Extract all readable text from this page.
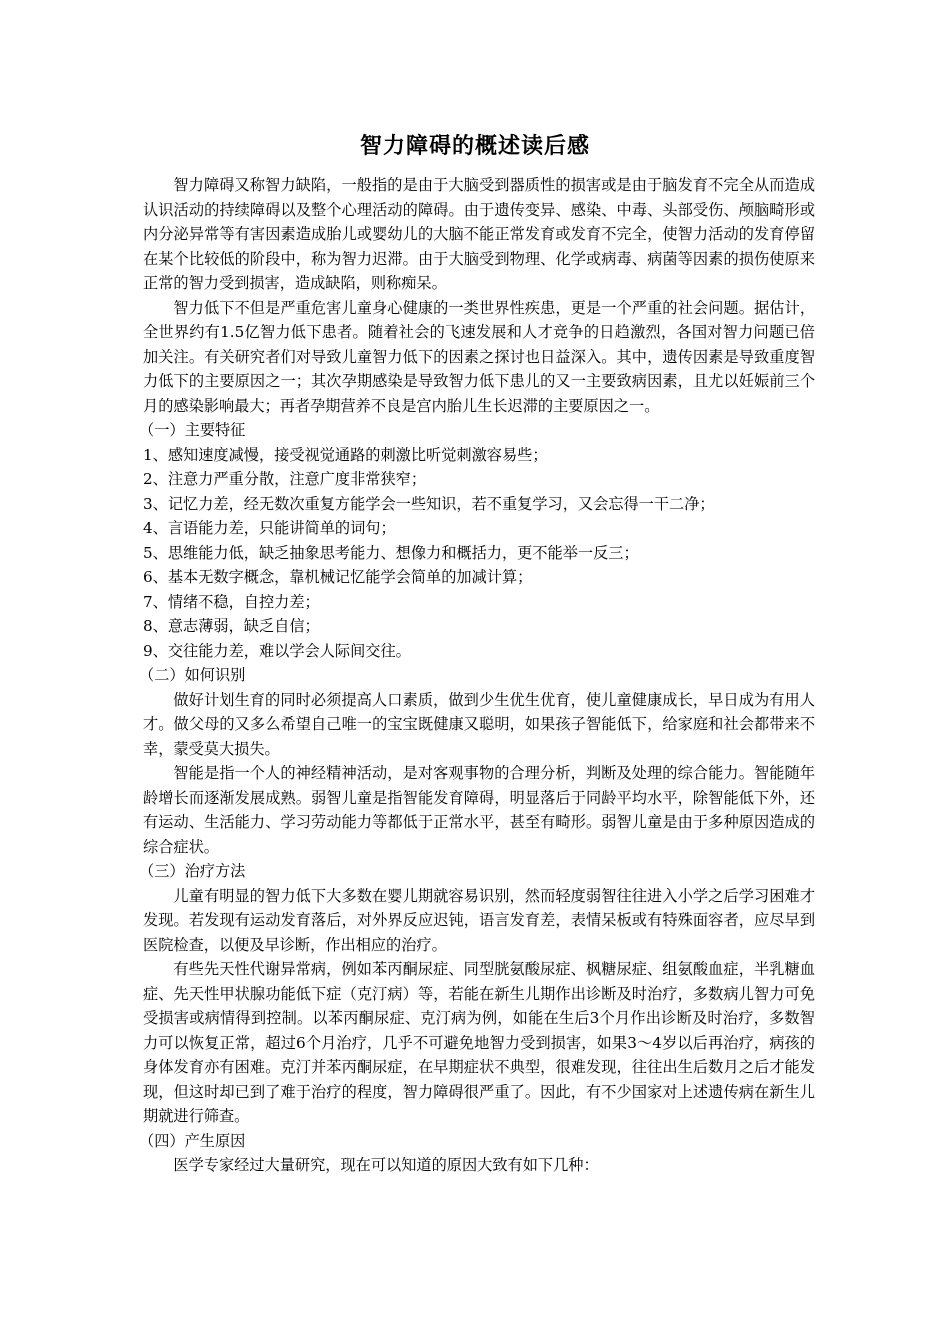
智力障碍的概述读后感

智力障碍又称智力缺陷，一般指的是由于大脑受到器质性的损害或是由于脑发育不完全从而造成认识活动的持续障碍以及整个心理活动的障碍。由于遗传变异、感染、中毒、头部受伤、颅脑畸形或内分泌异常等有害因素造成胎儿或婴幼儿的大脑不能正常发育或发育不完全，使智力活动的发育停留在某个比较低的阶段中，称为智力迟滞。由于大脑受到物理、化学或病毒、病菌等因素的损伤使原来正常的智力受到损害，造成缺陷，则称痴呆。

智力低下不但是严重危害儿童身心健康的一类世界性疾患，更是一个严重的社会问题。据估计，全世界约有1.5亿智力低下患者。随着社会的飞速发展和人才竞争的日趋激烈，各国对智力问题已倍加关注。有关研究者们对导致儿童智力低下的因素之探讨也日益深入。其中，遗传因素是导致重度智力低下的主要原因之一；其次孕期感染是导致智力低下患儿的又一主要致病因素，且尤以妊娠前三个月的感染影响最大；再者孕期营养不良是宫内胎儿生长迟滞的主要原因之一。

（一）主要特征

1、感知速度减慢，接受视觉通路的刺激比听觉刺激容易些；

2、注意力严重分散，注意广度非常狭窄；

3、记忆力差，经无数次重复方能学会一些知识，若不重复学习，又会忘得一干二净；

4、言语能力差，只能讲简单的词句；

5、思维能力低，缺乏抽象思考能力、想像力和概括力，更不能举一反三；

6、基本无数字概念，靠机械记忆能学会简单的加减计算；

7、情绪不稳，自控力差；

8、意志薄弱，缺乏自信；

9、交往能力差，难以学会人际间交往。

（二）如何识别

做好计划生育的同时必须提高人口素质，做到少生优生优育，使儿童健康成长，早日成为有用人才。做父母的又多么希望自己唯一的宝宝既健康又聪明，如果孩子智能低下，给家庭和社会都带来不幸，蒙受莫大损失。

智能是指一个人的神经精神活动，是对客观事物的合理分析，判断及处理的综合能力。智能随年龄增长而逐渐发展成熟。弱智儿童是指智能发育障碍，明显落后于同龄平均水平，除智能低下外，还有运动、生活能力、学习劳动能力等都低于正常水平，甚至有畸形。弱智儿童是由于多种原因造成的综合症状。

（三）治疗方法

儿童有明显的智力低下大多数在婴儿期就容易识别，然而轻度弱智往往进入小学之后学习困难才发现。若发现有运动发育落后，对外界反应迟钝，语言发育差，表情呆板或有特殊面容者，应尽早到医院检查，以便及早诊断，作出相应的治疗。

有些先天性代谢异常病，例如苯丙酮尿症、同型胱氨酸尿症、枫糖尿症、组氨酸血症，半乳糖血症、先天性甲状腺功能低下症（克汀病）等，若能在新生儿期作出诊断及时治疗，多数病儿智力可免受损害或病情得到控制。以苯丙酮尿症、克汀病为例，如能在生后3个月作出诊断及时治疗，多数智力可以恢复正常，超过6个月治疗，几乎不可避免地智力受到损害，如果3～4岁以后再治疗，病孩的身体发育亦有困难。克汀并苯丙酮尿症，在早期症状不典型，很难发现，往往出生后数月之后才能发现，但这时却已到了难于治疗的程度，智力障碍很严重了。因此，有不少国家对上述遗传病在新生儿期就进行筛查。

（四）产生原因

医学专家经过大量研究，现在可以知道的原因大致有如下几种：
